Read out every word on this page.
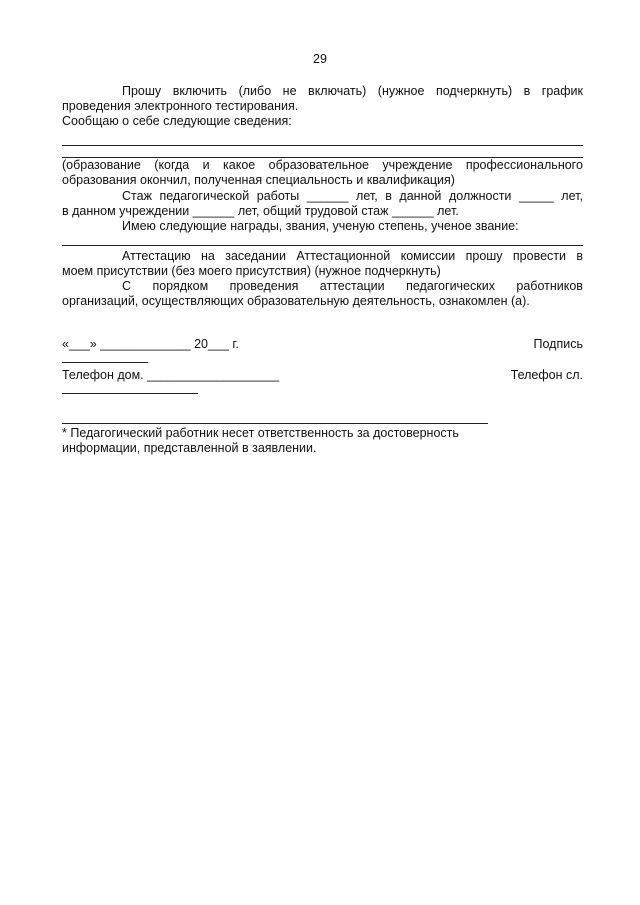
29
Прошу включить (либо не включать) (нужное подчеркнуть) в график
проведения электронного тестирования.
Сообщаю о себе следующие сведения:
(образование (когда и какое образовательное учреждение профессионального
образования окончил, полученная специальность и квалификация)
Стаж педагогической работы ______ лет, в данной должности _____ лет,
в данном учреждении ______ лет, общий трудовой стаж ______ лет.
Имею следующие награды, звания, ученую степень, ученое звание:
Аттестацию на заседании Аттестационной комиссии прошу провести в
моем присутствии (без моего присутствия) (нужное подчеркнуть)
С порядком проведения аттестации педагогических работников
организаций, осуществляющих образовательную деятельность, ознакомлен (а).
«___» _____________ 20___ г.	Подпись
Телефон дом. ___________________	Телефон сл.
* Педагогический работник несет ответственность за достоверность
информации, представленной в заявлении.
